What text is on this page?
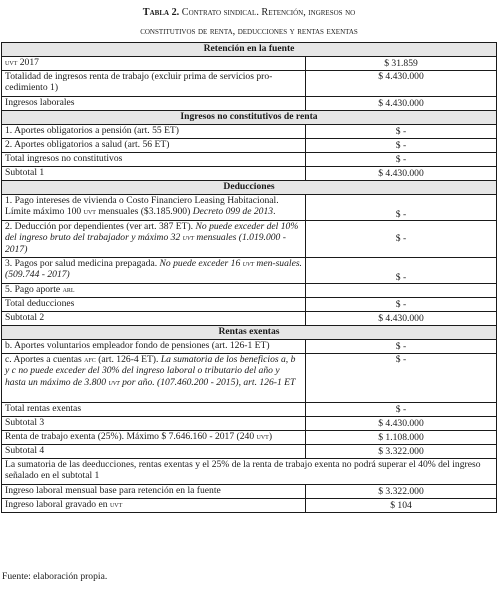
Tabla 2. Contrato sindical. Retención, ingresos no
constitutivos de renta, deducciones y rentas exentas
Retención en la fuente	
uvt 2017	$ 31.859
Totalidad de ingresos renta de trabajo (excluir prima de servicios pro-cedimiento 1)	$ 4.430.000
Ingresos laborales	$ 4.430.000
Ingresos no constitutivos de renta	
1. Aportes obligatorios a pensión (art. 55 ET)	$ -
2. Aportes obligatorios a salud (art. 56 ET)	$ -
Total ingresos no constitutivos	$ -
Subtotal 1	$ 4.430.000
Deducciones	
1. Pago intereses de vivienda o Costo Financiero Leasing Habitacional. Límite máximo 100 uvt mensuales ($3.185.900) Decreto 099 de 2013.	$ -
2. Deducción por dependientes (ver art. 387 ET). No puede exceder del 10% del ingreso bruto del trabajador y máximo 32 uvt mensuales (1.019.000 - 2017)	$ -
3. Pagos por salud medicina prepagada. No puede exceder 16 uvt men-suales. (509.744 - 2017)	$ -
5. Pago aporte arl	
Total deducciones	$ -
Subtotal 2	$ 4.430.000
Rentas exentas	
b. Aportes voluntarios empleador fondo de pensiones (art. 126-1 ET)	$ -
c. Aportes a cuentas afc (art. 126-4 ET). La sumatoria de los beneficios a, b y c no puede exceder del 30% del ingreso laboral o tributario del año y hasta un máximo de 3.800 uvt por año. (107.460.200 - 2015), art. 126-1 ET	$ -
Total rentas exentas	$ -
Subtotal 3	$ 4.430.000
Renta de trabajo exenta (25%). Máximo $ 7.646.160 - 2017 (240 uvt)	$ 1.108.000
Subtotal 4	$ 3.322.000
La sumatoria de las deeducciones, rentas exentas y el 25% de la renta de trabajo exenta no podrá superar el 40% del ingreso señalado en el subtotal 1	
Ingreso laboral mensual base para retención en la fuente	$ 3.322.000
Ingreso laboral gravado en uvt	$ 104
Fuente: elaboración propia.
